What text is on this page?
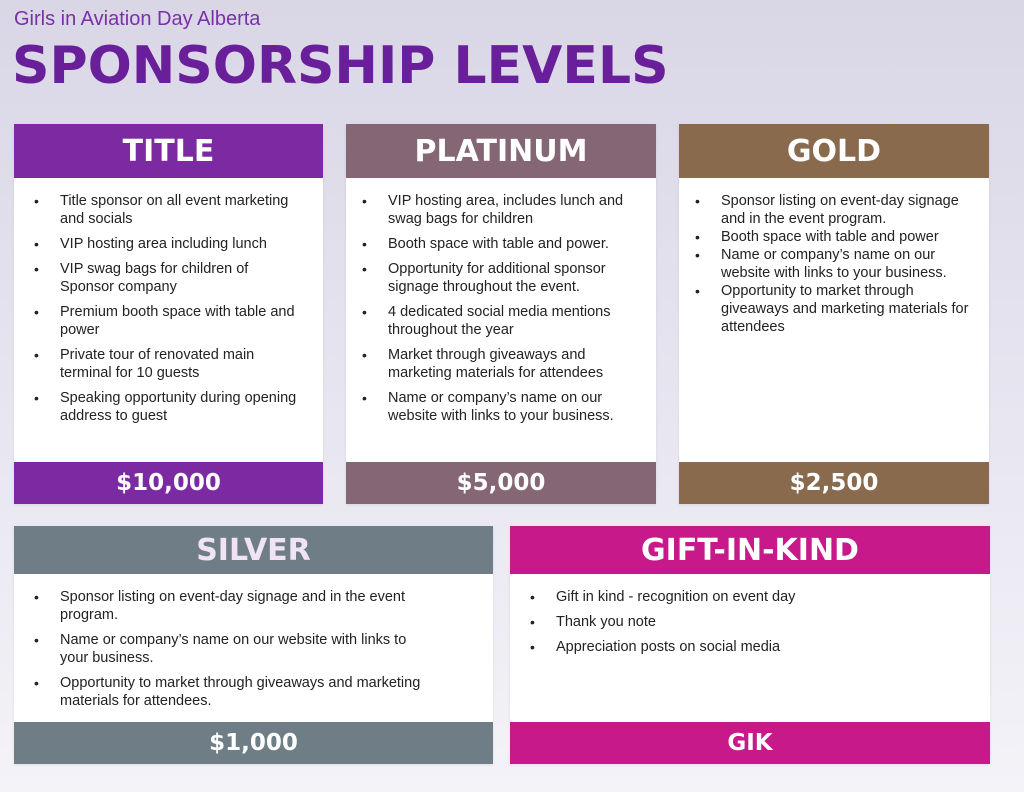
Girls in Aviation Day Alberta
SPONSORSHIP LEVELS
TITLE
• Title sponsor on all event marketing and socials
• VIP hosting area including lunch
• VIP swag bags for children of Sponsor company
• Premium booth space with table and power
• Private tour of renovated main terminal for 10 guests
• Speaking opportunity during opening address to guest
$10,000
PLATINUM
• VIP hosting area, includes lunch and swag bags for children
• Booth space with table and power.
• Opportunity for additional sponsor signage throughout the event.
• 4 dedicated social media mentions throughout the year
• Market through giveaways and marketing materials for attendees
• Name or company’s name on our website with links to your business.
$5,000
GOLD
• Sponsor listing on event-day signage and in the event program.
• Booth space with table and power
• Name or company’s name on our website with links to your business.
• Opportunity to market through giveaways and marketing materials for attendees
$2,500
SILVER
• Sponsor listing on event-day signage and in the event program.
• Name or company’s name on our website with links to your business.
• Opportunity to market through giveaways and marketing materials for attendees.
$1,000
GIFT-IN-KIND
• Gift in kind - recognition on event day
• Thank you note
• Appreciation posts on social media
GIK
